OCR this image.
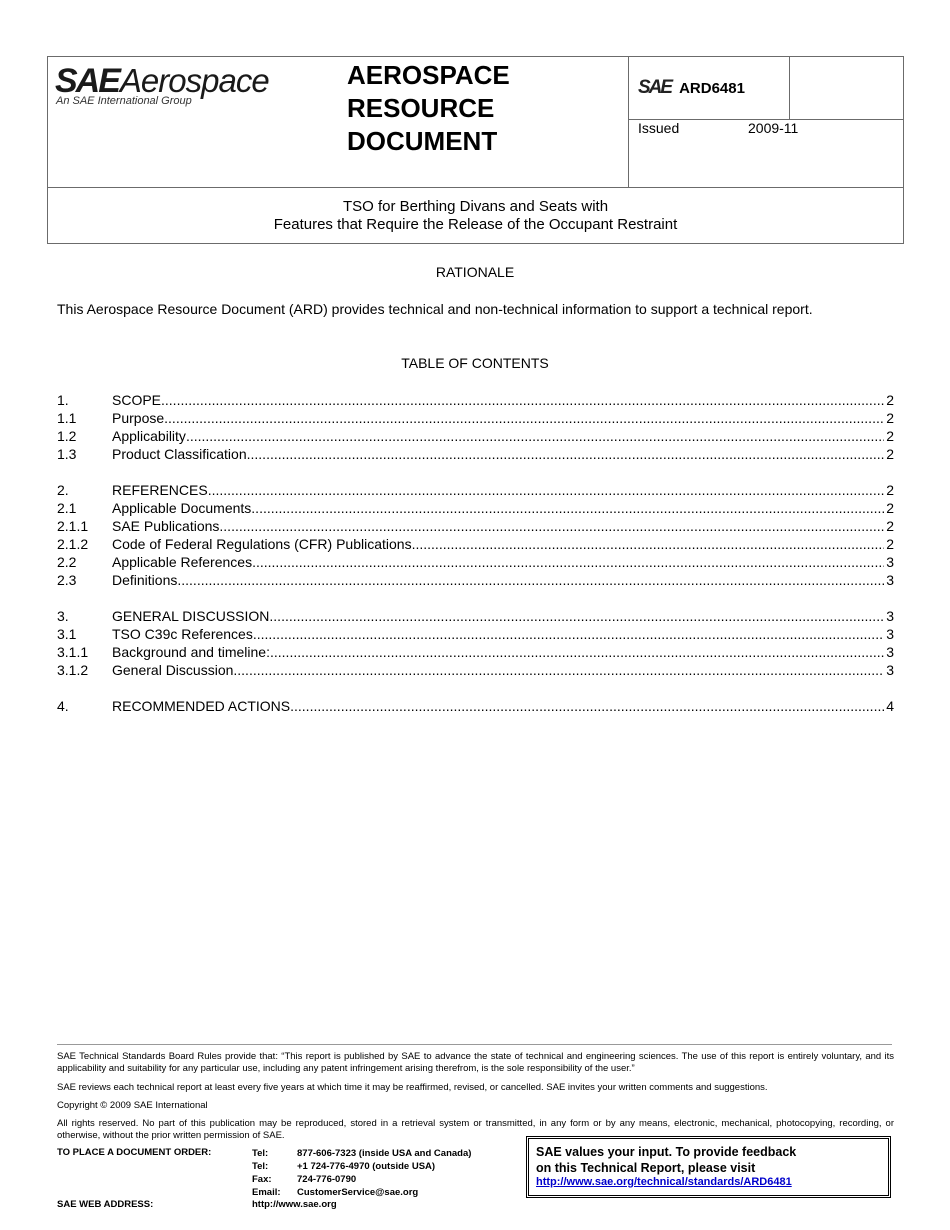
SAE Aerospace
An SAE International Group
AEROSPACE
RESOURCE
DOCUMENT
SAE ARD6481
Issued	2009-11
TSO for Berthing Divans and Seats with
Features that Require the Release of the Occupant Restraint
RATIONALE
This Aerospace Resource Document (ARD) provides technical and non-technical information to support a technical report.
TABLE OF CONTENTS
1.	SCOPE .....	2
1.1	Purpose .....	2
1.2	Applicability .....	2
1.3	Product Classification .....	2
2.	REFERENCES .....	2
2.1	Applicable Documents .....	2
2.1.1	SAE Publications .....	2
2.1.2	Code of Federal Regulations (CFR) Publications .....	2
2.2	Applicable References .....	3
2.3	Definitions .....	3
3.	GENERAL DISCUSSION .....	3
3.1	TSO C39c References. .....	3
3.1.1	Background and timeline: .....	3
3.1.2	General Discussion. .....	3
4.	RECOMMENDED ACTIONS .....	4
SAE Technical Standards Board Rules provide that: “This report is published by SAE to advance the state of technical and engineering sciences. The use of this report is entirely voluntary, and its applicability and suitability for any particular use, including any patent infringement arising therefrom, is the sole responsibility of the user.”
SAE reviews each technical report at least every five years at which time it may be reaffirmed, revised, or cancelled. SAE invites your written comments and suggestions.
Copyright © 2009 SAE International
All rights reserved. No part of this publication may be reproduced, stored in a retrieval system or transmitted, in any form or by any means, electronic, mechanical, photocopying, recording, or otherwise, without the prior written permission of SAE.
TO PLACE A DOCUMENT ORDER:	Tel:	877-606-7323 (inside USA and Canada)
Tel:	+1 724-776-4970 (outside USA)
Fax:	724-776-0790
Email:	CustomerService@sae.org
SAE WEB ADDRESS:	http://www.sae.org
SAE values your input. To provide feedback
on this Technical Report, please visit
http://www.sae.org/technical/standards/ARD6481
